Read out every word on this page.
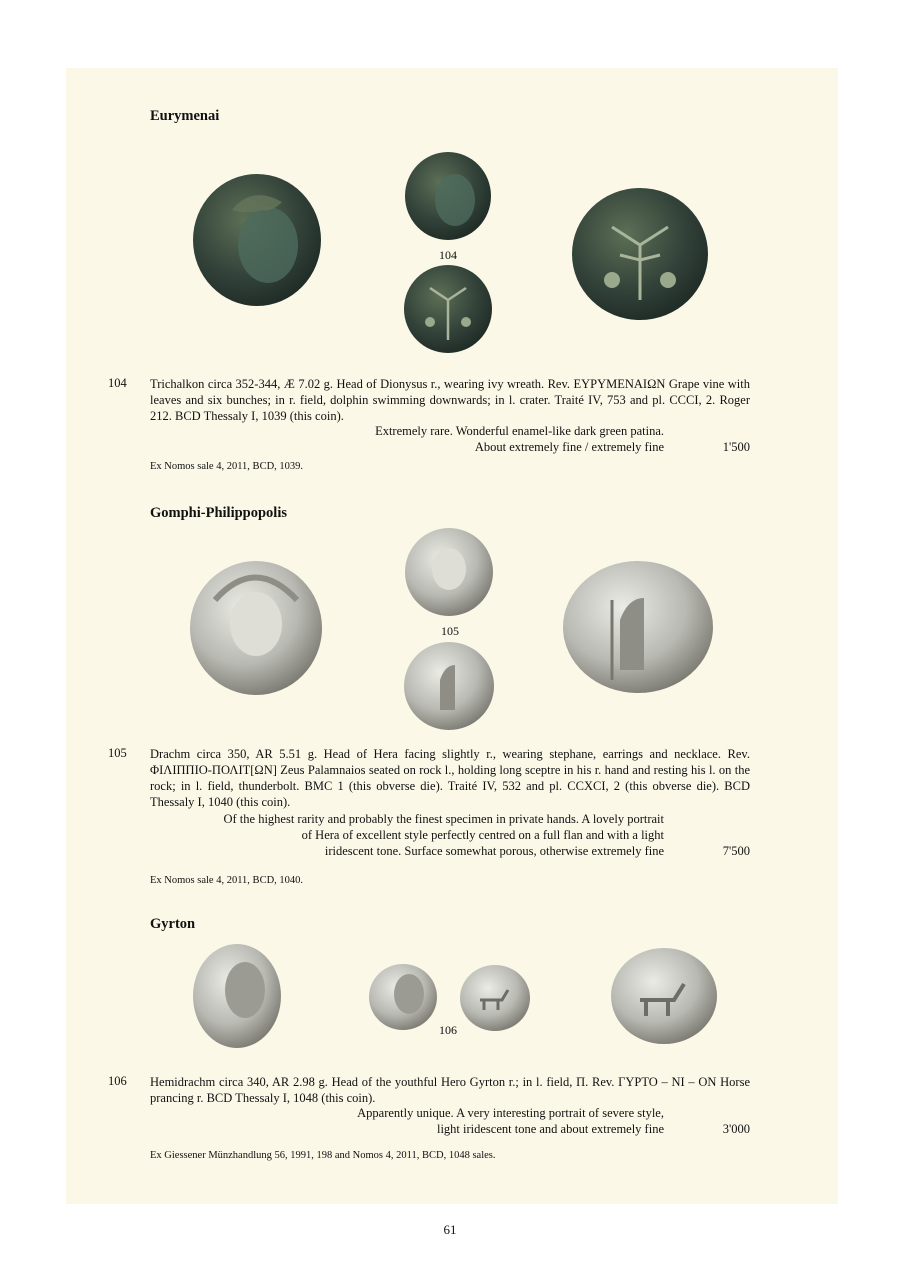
Eurymenai
104
104 Trichalkon circa 352-344, Æ 7.02 g. Head of Dionysus r., wearing ivy wreath. Rev. ΕΥΡΥΜΕΝΑΙΩΝ Grape vine with leaves and six bunches; in r. field, dolphin swimming downwards; in l. crater. Traité IV, 753 and pl. CCCI, 2. Roger 212. BCD Thessaly I, 1039 (this coin).
Extremely rare. Wonderful enamel-like dark green patina.
About extremely fine / extremely fine	1'500
Ex Nomos sale 4, 2011, BCD, 1039.
Gomphi-Philippopolis
105
105 Drachm circa 350, AR 5.51 g. Head of Hera facing slightly r., wearing stephane, earrings and necklace. Rev. ΦΙΛΙΠΠΙΟ-ΠΟΛΙΤ[ΩΝ] Zeus Palamnaios seated on rock l., holding long sceptre in his r. hand and resting his l. on the rock; in l. field, thunderbolt. BMC 1 (this obverse die). Traité IV, 532 and pl. CCXCI, 2 (this obverse die). BCD Thessaly I, 1040 (this coin).
Of the highest rarity and probably the finest specimen in private hands. A lovely portrait
of Hera of excellent style perfectly centred on a full flan and with a light
iridescent tone. Surface somewhat porous, otherwise extremely fine	7'500
Ex Nomos sale 4, 2011, BCD, 1040.
Gyrton
106
106 Hemidrachm circa 340, AR 2.98 g. Head of the youthful Hero Gyrton r.; in l. field, Π. Rev. ΓΥΡΤΟ – ΝΙ – ΟΝ Horse prancing r. BCD Thessaly I, 1048 (this coin).
Apparently unique. A very interesting portrait of severe style,
light iridescent tone and about extremely fine	3'000
Ex Giessener Münzhandlung 56, 1991, 198 and Nomos 4, 2011, BCD, 1048 sales.
61
